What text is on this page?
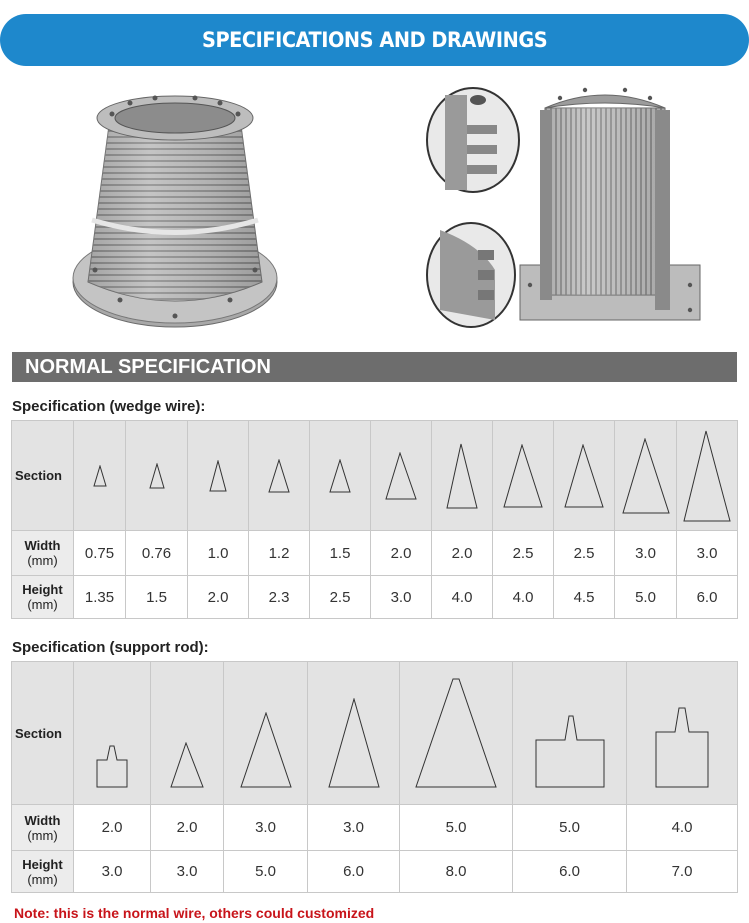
SPECIFICATIONS AND DRAWINGS
NORMAL SPECIFICATION
Specification (wedge wire):
Section	

Width
(mm)	0.75	0.76	1.0	1.2	1.5	2.0	2.0	2.5	2.5	3.0	3.0
Height
(mm)	1.35	1.5	2.0	2.3	2.5	3.0	4.0	4.0	4.5	5.0	6.0
Specification (support rod):
Section	

Width
(mm)	2.0	2.0	3.0	3.0	5.0	5.0	4.0
Height
(mm)	3.0	3.0	5.0	6.0	8.0	6.0	7.0
Note: this is the normal wire, others could customized
